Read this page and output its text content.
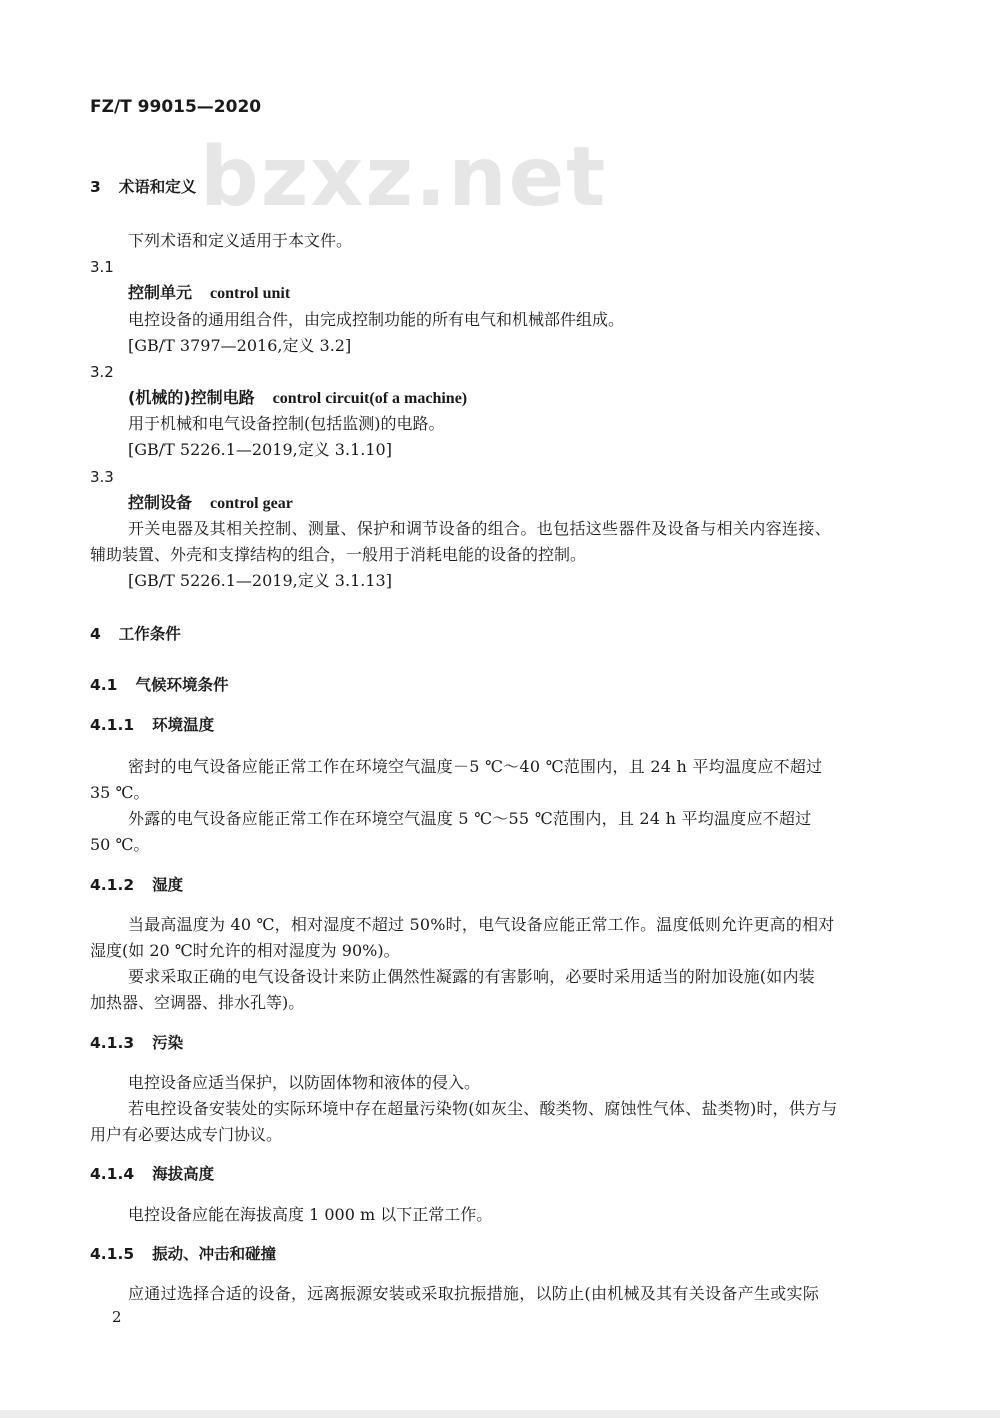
bzxz.net
FZ/T 99015—2020
3 术语和定义
下列术语和定义适用于本文件。
3.1
控制单元 control unit
电控设备的通用组合件，由完成控制功能的所有电气和机械部件组成。
[GB/T 3797—2016,定义 3.2]
3.2
(机械的)控制电路 control circuit(of a machine)
用于机械和电气设备控制(包括监测)的电路。
[GB/T 5226.1—2019,定义 3.1.10]
3.3
控制设备 control gear
开关电器及其相关控制、测量、保护和调节设备的组合。也包括这些器件及设备与相关内容连接、
辅助装置、外壳和支撑结构的组合，一般用于消耗电能的设备的控制。
[GB/T 5226.1—2019,定义 3.1.13]
4 工作条件
4.1 气候环境条件
4.1.1 环境温度
密封的电气设备应能正常工作在环境空气温度－5 ℃～40 ℃范围内，且 24 h 平均温度应不超过
35 ℃。
外露的电气设备应能正常工作在环境空气温度 5 ℃～55 ℃范围内，且 24 h 平均温度应不超过
50 ℃。
4.1.2 湿度
当最高温度为 40 ℃，相对湿度不超过 50%时，电气设备应能正常工作。温度低则允许更高的相对
湿度(如 20 ℃时允许的相对湿度为 90%)。
要求采取正确的电气设备设计来防止偶然性凝露的有害影响，必要时采用适当的附加设施(如内装
加热器、空调器、排水孔等)。
4.1.3 污染
电控设备应适当保护，以防固体物和液体的侵入。
若电控设备安装处的实际环境中存在超量污染物(如灰尘、酸类物、腐蚀性气体、盐类物)时，供方与
用户有必要达成专门协议。
4.1.4 海拔高度
电控设备应能在海拔高度 1 000 m 以下正常工作。
4.1.5 振动、冲击和碰撞
应通过选择合适的设备，远离振源安装或采取抗振措施，以防止(由机械及其有关设备产生或实际
2
